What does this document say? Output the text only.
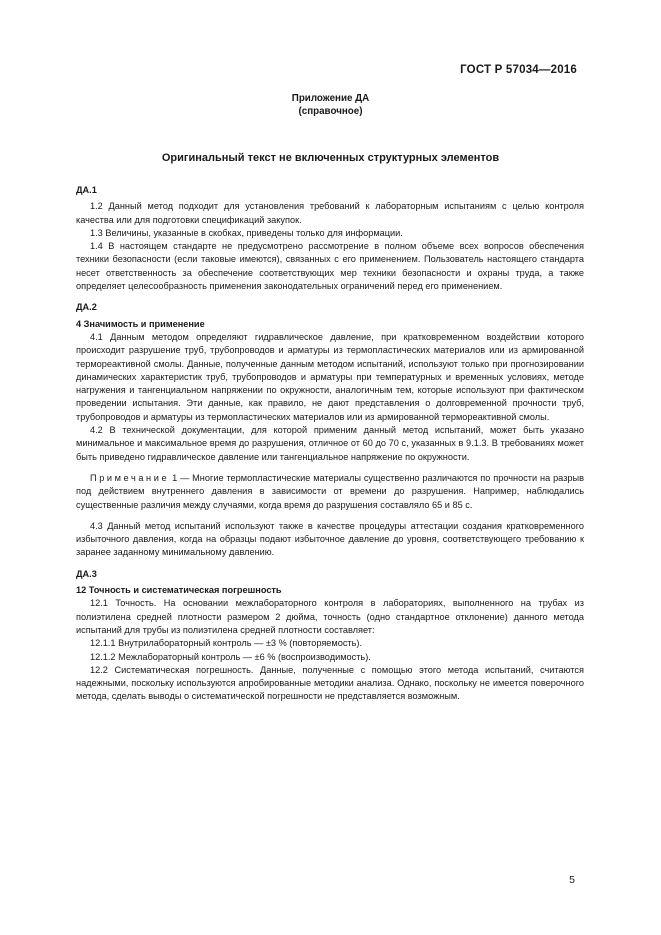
ГОСТ Р 57034—2016
Приложение ДА
(справочное)
Оригинальный текст не включенных структурных элементов
ДА.1

1.2 Данный метод подходит для установления требований к лабораторным испытаниям с целью контроля качества или для подготовки спецификаций закупок.

1.3 Величины, указанные в скобках, приведены только для информации.

1.4 В настоящем стандарте не предусмотрено рассмотрение в полном объеме всех вопросов обеспечения техники безопасности (если таковые имеются), связанных с его применением. Пользователь настоящего стандарта несет ответственность за обеспечение соответствующих мер техники безопасности и охраны труда, а также определяет целесообразность применения законодательных ограничений перед его применением.

ДА.2
4 Значимость и применение

4.1 Данным методом определяют гидравлическое давление, при кратковременном воздействии которого происходит разрушение труб, трубопроводов и арматуры из термопластических материалов или из армированной термореактивной смолы. Данные, полученные данным методом испытаний, используют только при прогнозировании динамических характеристик труб, трубопроводов и арматуры при температурных и временных условиях, методе нагружения и тангенциальном напряжении по окружности, аналогичным тем, которые используют при фактическом проведении испытания. Эти данные, как правило, не дают представления о долговременной прочности труб, трубопроводов и арматуры из термопластических материалов или из армированной термореактивной смолы.

4.2 В технической документации, для которой применим данный метод испытаний, может быть указано минимальное и максимальное время до разрушения, отличное от 60 до 70 с, указанных в 9.1.3. В требованиях может быть приведено гидравлическое давление или тангенциальное напряжение по окружности.

Примечание 1 — Многие термопластические материалы существенно различаются по прочности на разрыв под действием внутреннего давления в зависимости от времени до разрушения. Например, наблюдались существенные различия между случаями, когда время до разрушения составляло 65 и 85 с.

4.3 Данный метод испытаний используют также в качестве процедуры аттестации создания кратковременного избыточного давления, когда на образцы подают избыточное давление до уровня, соответствующего требованию к заранее заданному минимальному давлению.

ДА.3
12 Точность и систематическая погрешность

12.1 Точность. На основании межлабораторного контроля в лабораториях, выполненного на трубах из полиэтилена средней плотности размером 2 дюйма, точность (одно стандартное отклонение) данного метода испытаний для трубы из полиэтилена средней плотности составляет:

12.1.1 Внутрилабораторный контроль — ±3 % (повторяемость).

12.1.2 Межлабораторный контроль — ±6 % (воспроизводимость).

12.2 Систематическая погрешность. Данные, полученные с помощью этого метода испытаний, считаются надежными, поскольку используются апробированные методики анализа. Однако, поскольку не имеется поверочного метода, сделать выводы о систематической погрешности не представляется возможным.

5
